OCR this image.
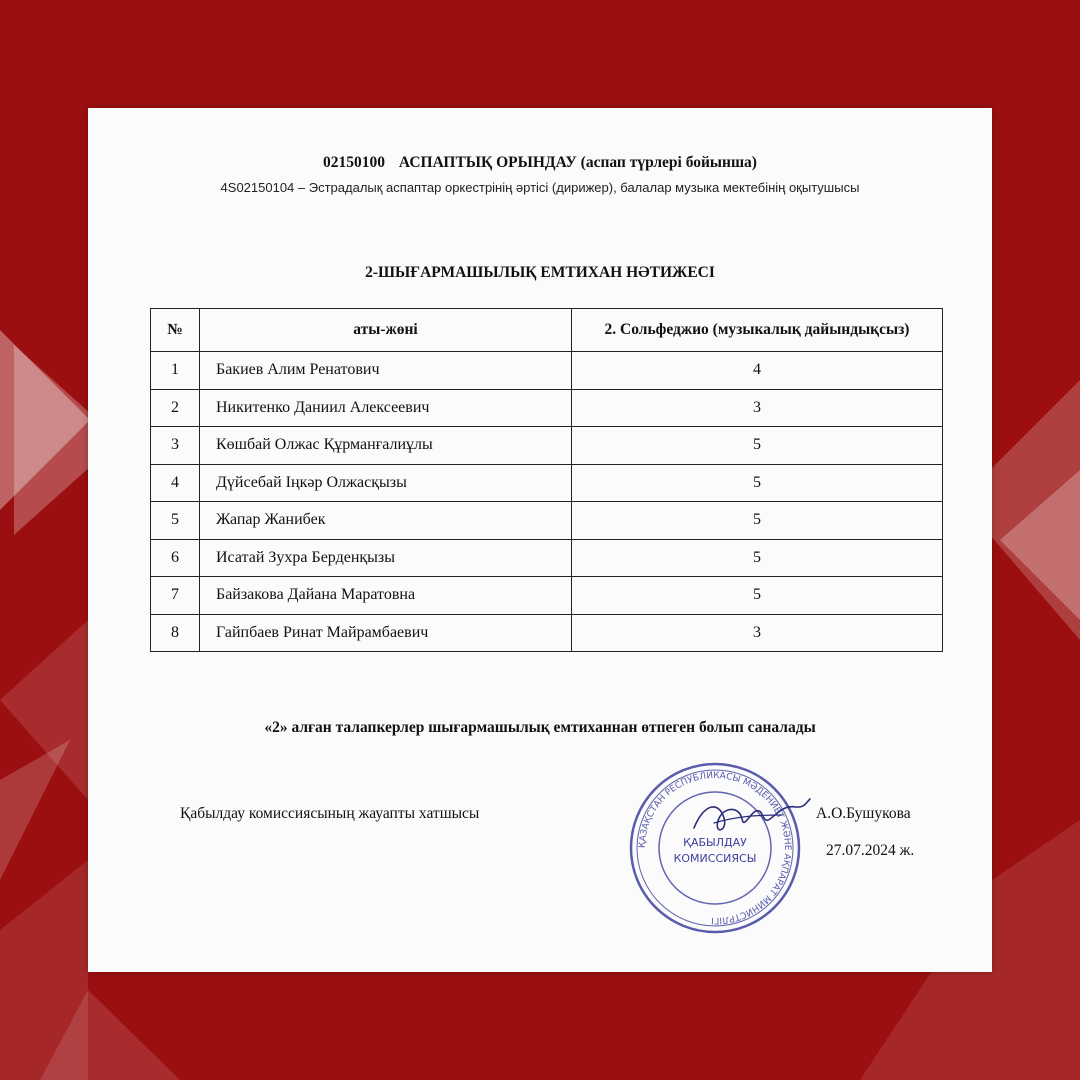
02150100 АСПАПТЫҚ ОРЫНДАУ (аспап түрлері бойынша)
4S02150104 – Эстрадалық аспаптар оркестрінің әртісі (дирижер), балалар музыка мектебінің оқытушысы
2-ШЫҒАРМАШЫЛЫҚ ЕМТИХАН НӘТИЖЕСІ
№	аты-жөні	2. Сольфеджио (музыкалық дайындықсыз)
1	Бакиев Алим Ренатович	4
2	Никитенко Даниил Алексеевич	3
3	Көшбай Олжас Құрманғалиұлы	5
4	Дүйсебай Іңкәр Олжасқызы	5
5	Жапар Жанибек	5
6	Исатай Зухра Берденқызы	5
7	Байзакова Дайана Маратовна	5
8	Гайпбаев Ринат Майрамбаевич	3
«2» алған талапкерлер шығармашылық емтиханнан өтпеген болып саналады
Қабылдау комиссиясының жауапты хатшысы
ҚАЗАҚСТАН РЕСПУБЛИКАСЫ МӘДЕНИЕТ ЖӘНЕ АҚПАРАТ МИНИСТРЛІГІ
ҚАБЫЛДАУ
КОМИССИЯСЫ
А.О.Бушукова
27.07.2024 ж.
